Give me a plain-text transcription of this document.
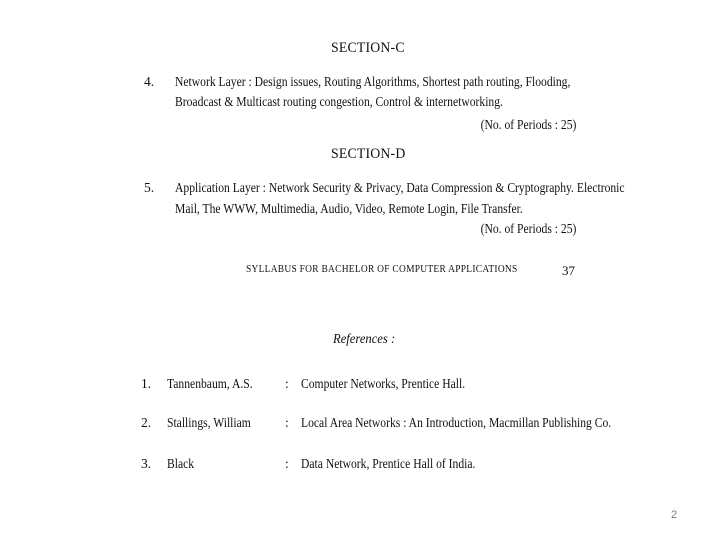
SECTION-C
4. Network Layer : Design issues, Routing Algorithms, Shortest path routing, Flooding,
Broadcast & Multicast routing congestion, Control & internetworking.
(No. of Periods : 25)
SECTION-D
5. Application Layer : Network Security & Privacy, Data Compression & Cryptography. Electronic
Mail, The WWW, Multimedia, Audio, Video, Remote Login, File Transfer.
(No. of Periods : 25)
SYLLABUS FOR BACHELOR OF COMPUTER APPLICATIONS	37
References :
1. Tannenbaum, A.S. : Computer Networks, Prentice Hall.
2. Stallings, William	: Local Area Networks : An Introduction, Macmillan Publishing Co.
3. Black	: Data Network, Prentice Hall of India.
2
